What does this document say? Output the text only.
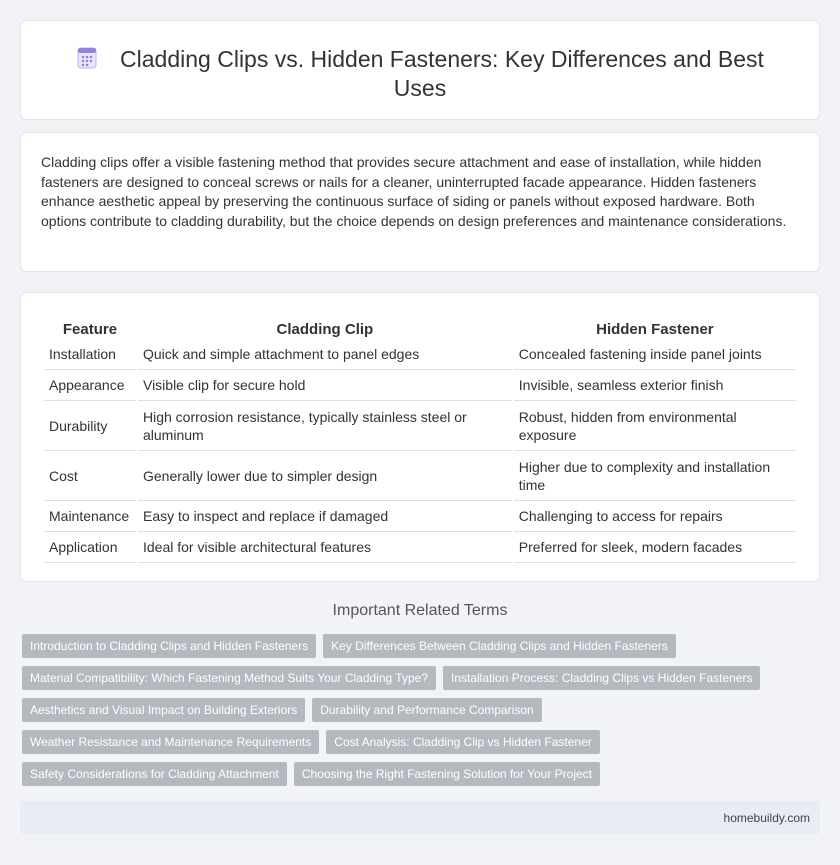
Cladding Clips vs. Hidden Fasteners: Key Differences and Best Uses

Cladding clips offer a visible fastening method that provides secure attachment and ease of installation, while hidden fasteners are designed to conceal screws or nails for a cleaner, uninterrupted facade appearance. Hidden fasteners enhance aesthetic appeal by preserving the continuous surface of siding or panels without exposed hardware. Both options contribute to cladding durability, but the choice depends on design preferences and maintenance considerations.

Feature	Cladding Clip	Hidden Fastener
Installation	Quick and simple attachment to panel edges	Concealed fastening inside panel joints
Appearance	Visible clip for secure hold	Invisible, seamless exterior finish
Durability	High corrosion resistance, typically stainless steel or aluminum	Robust, hidden from environmental exposure
Cost	Generally lower due to simpler design	Higher due to complexity and installation time
Maintenance	Easy to inspect and replace if damaged	Challenging to access for repairs
Application	Ideal for visible architectural features	Preferred for sleek, modern facades
Important Related Terms
Introduction to Cladding Clips and Hidden Fasteners	Key Differences Between Cladding Clips and Hidden Fasteners
Material Compatibility: Which Fastening Method Suits Your Cladding Type?	Installation Process: Cladding Clips vs Hidden Fasteners
Aesthetics and Visual Impact on Building Exteriors	Durability and Performance Comparison
Weather Resistance and Maintenance Requirements	Cost Analysis: Cladding Clip vs Hidden Fastener
Safety Considerations for Cladding Attachment	Choosing the Right Fastening Solution for Your Project
homebuildy.com
